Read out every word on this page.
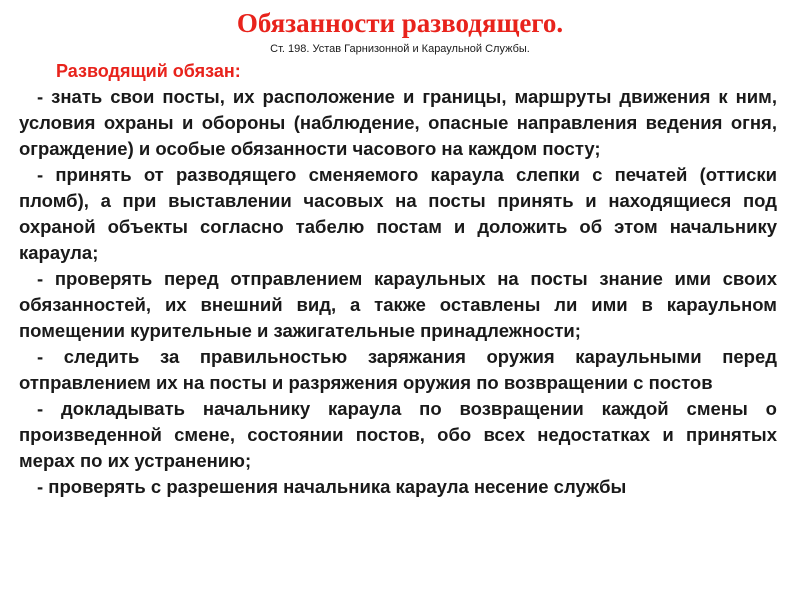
Обязанности разводящего.
Ст. 198. Устав Гарнизонной и Караульной Службы.
Разводящий обязан:

- знать свои посты, их расположение и границы, маршруты движения к ним, условия охраны и обороны (наблюдение, опасные направления ведения огня, ограждение) и особые обязанности часового на каждом посту;

- принять от разводящего сменяемого караула слепки с печатей (оттиски пломб), а при выставлении часовых на посты принять и находящиеся под охраной объекты согласно табелю постам и доложить об этом начальнику караула;

- проверять перед отправлением караульных на посты знание ими своих обязанностей, их внешний вид, а также оставлены ли ими в караульном помещении курительные и зажигательные принадлежности;

- следить за правильностью заряжания оружия караульными перед отправлением их на посты и разряжения оружия по возвращении с постов

- докладывать начальнику караула по возвращении каждой смены о произведенной смене, состоянии постов, обо всех недостатках и принятых мерах по их устранению;

- проверять с разрешения начальника караула несение службы
